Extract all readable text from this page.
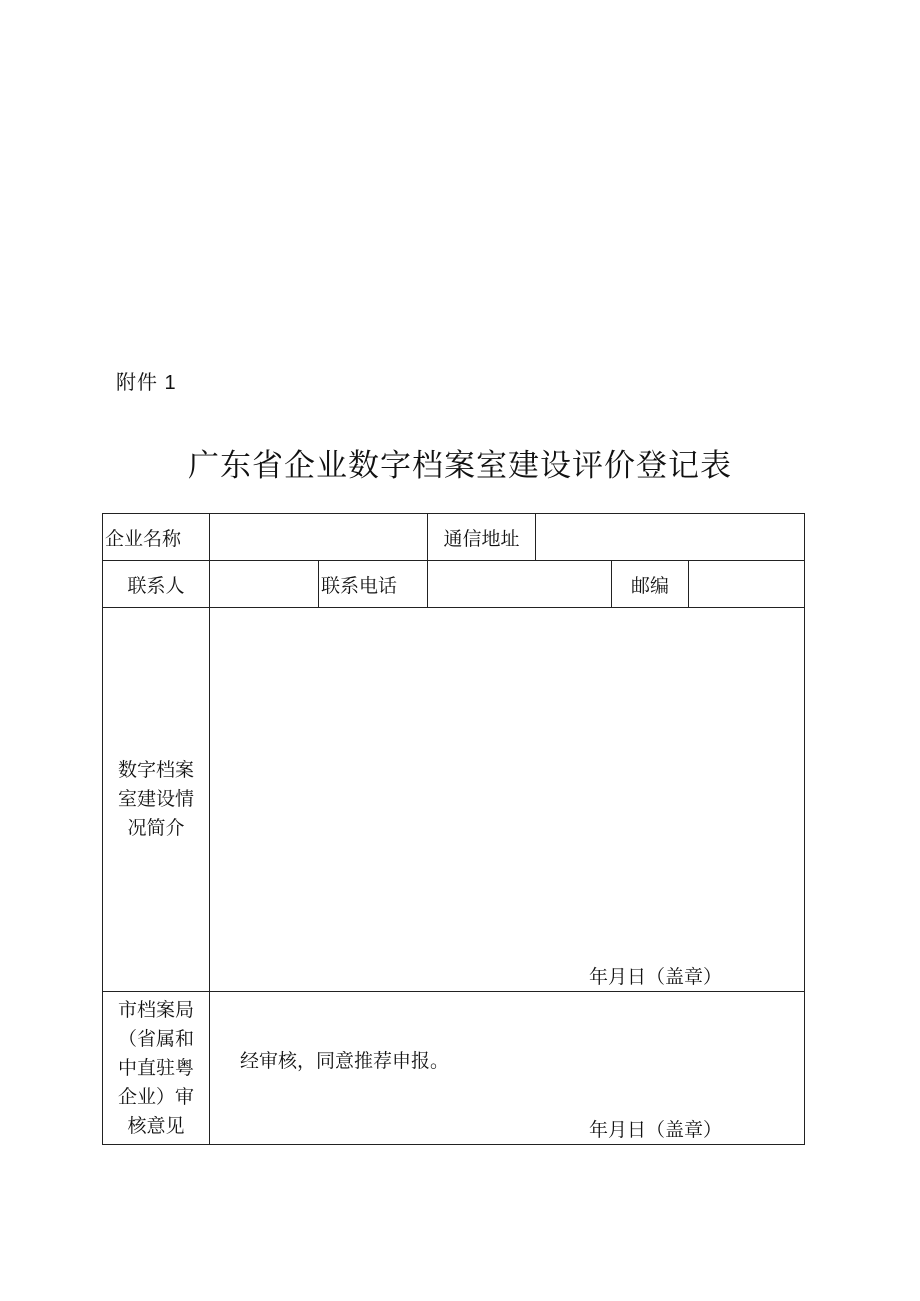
附件 1
广东省企业数字档案室建设评价登记表
企业名称			通信地址			
联系人		联系电话			邮编	

数字档案
室建设情
况简介	年月日（盖章）					

市档案局
（省属和
中直驻粤
企业）审
核意见	经审核，同意推荐申报。
年月日（盖章）					
